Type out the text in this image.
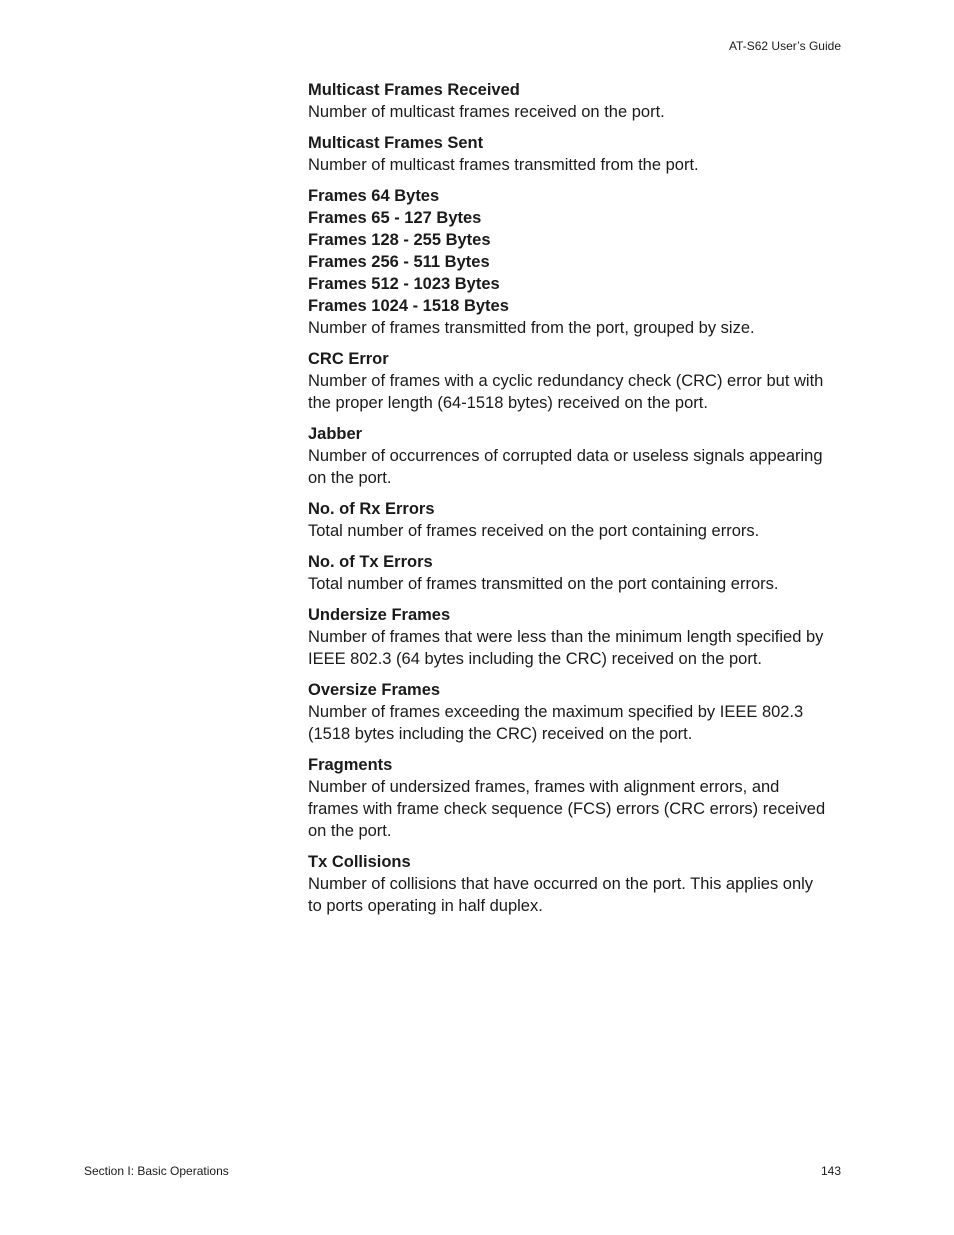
AT-S62 User’s Guide
Multicast Frames Received
Number of multicast frames received on the port.
Multicast Frames Sent
Number of multicast frames transmitted from the port.
Frames 64 Bytes
Frames 65 - 127 Bytes
Frames 128 - 255 Bytes
Frames 256 - 511 Bytes
Frames 512 - 1023 Bytes
Frames 1024 - 1518 Bytes
Number of frames transmitted from the port, grouped by size.
CRC Error
Number of frames with a cyclic redundancy check (CRC) error but with the proper length (64-1518 bytes) received on the port.
Jabber
Number of occurrences of corrupted data or useless signals appearing on the port.
No. of Rx Errors
Total number of frames received on the port containing errors.
No. of Tx Errors
Total number of frames transmitted on the port containing errors.
Undersize Frames
Number of frames that were less than the minimum length specified by IEEE 802.3 (64 bytes including the CRC) received on the port.
Oversize Frames
Number of frames exceeding the maximum specified by IEEE 802.3 (1518 bytes including the CRC) received on the port.
Fragments
Number of undersized frames, frames with alignment errors, and frames with frame check sequence (FCS) errors (CRC errors) received on the port.
Tx Collisions
Number of collisions that have occurred on the port. This applies only to ports operating in half duplex.
Section I: Basic Operations	143
